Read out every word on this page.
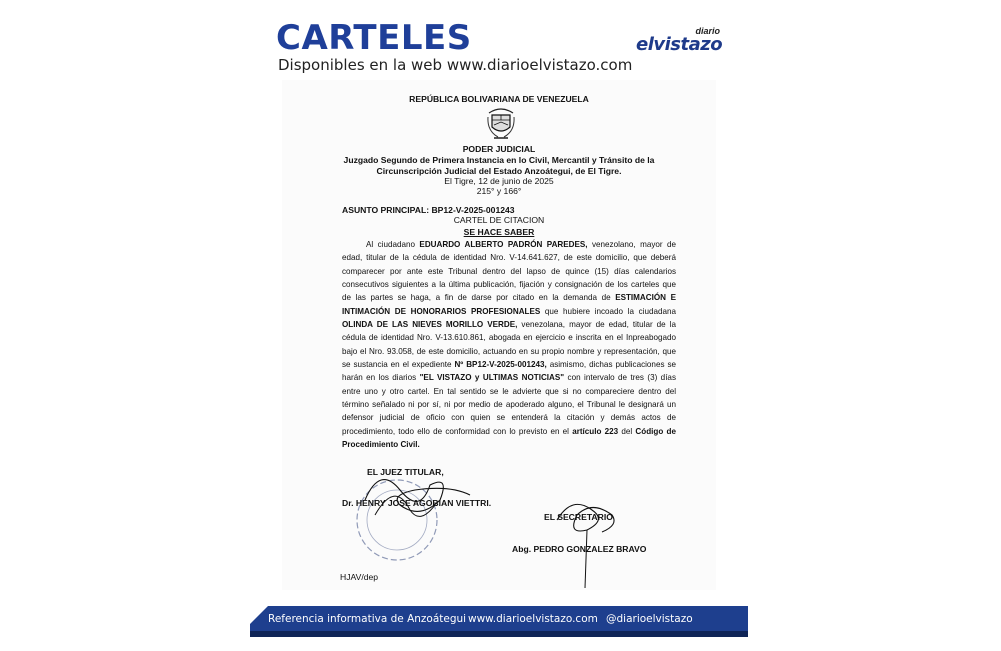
CARTELES
Disponibles en la web www.diarioelvistazo.com
diario
elvistazo
REPÚBLICA BOLIVARIANA DE VENEZUELA
PODER JUDICIAL
Juzgado Segundo de Primera Instancia en lo Civil, Mercantil y Tránsito de la
Circunscripción Judicial del Estado Anzoátegui, de El Tigre.
El Tigre, 12 de junio de 2025
215° y 166°
ASUNTO PRINCIPAL: BP12-V-2025-001243
CARTEL DE CITACION
SE HACE SABER

Al ciudadano EDUARDO ALBERTO PADRÓN PAREDES, venezolano, mayor de edad, titular de la cédula de identidad Nro. V-14.641.627, de este domicilio, que deberá comparecer por ante este Tribunal dentro del lapso de quince (15) días calendarios consecutivos siguientes a la última publicación, fijación y consignación de los carteles que de las partes se haga, a fin de darse por citado en la demanda de ESTIMACIÓN E INTIMACIÓN DE HONORARIOS PROFESIONALES que hubiere incoado la ciudadana OLINDA DE LAS NIEVES MORILLO VERDE, venezolana, mayor de edad, titular de la cédula de identidad Nro. V-13.610.861, abogada en ejercicio e inscrita en el Inpreabogado bajo el Nro. 93.058, de este domicilio, actuando en su propio nombre y representación, que se sustancia en el expediente Nº BP12-V-2025-001243, asimismo, dichas publicaciones se harán en los diarios "EL VISTAZO y ULTIMAS NOTICIAS" con intervalo de tres (3) días entre uno y otro cartel. En tal sentido se le advierte que si no compareciere dentro del término señalado ni por sí, ni por medio de apoderado alguno, el Tribunal le designará un defensor judicial de oficio con quien se entenderá la citación y demás actos de procedimiento, todo ello de conformidad con lo previsto en el artículo 223 del Código de Procedimiento Civil.

EL JUEZ TITULAR,
Dr. HENRY JOSE AGOBIAN VIETTRI.
EL SECRETARIO
Abg. PEDRO GONZALEZ BRAVO
HJAV/dep
Referencia informativa de Anzoátegui www.diarioelvistazo.com @diarioelvistazo
